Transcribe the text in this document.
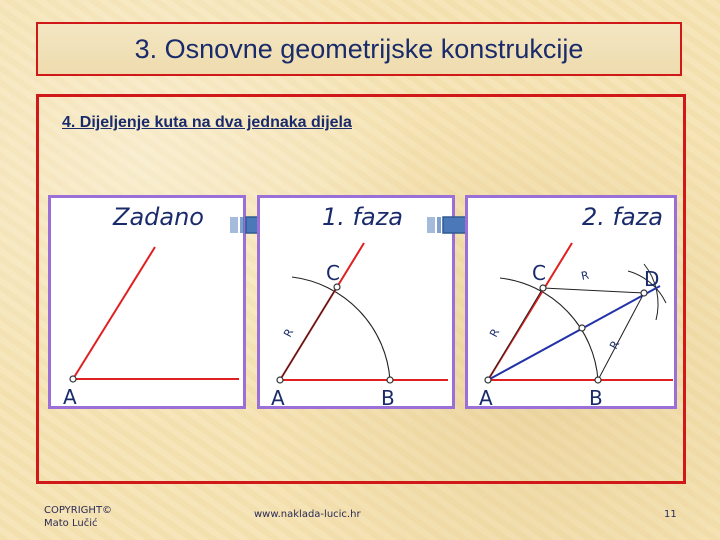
3. Osnovne geometrijske konstrukcije
4. Dijeljenje kuta na dva jednaka dijela
Zadano
A
1. faza
C
A	B
R
2. faza
C	D
A	B
R
R
R
COPYRIGHT©
Mato Lučić
www.naklada-lucic.hr	11
